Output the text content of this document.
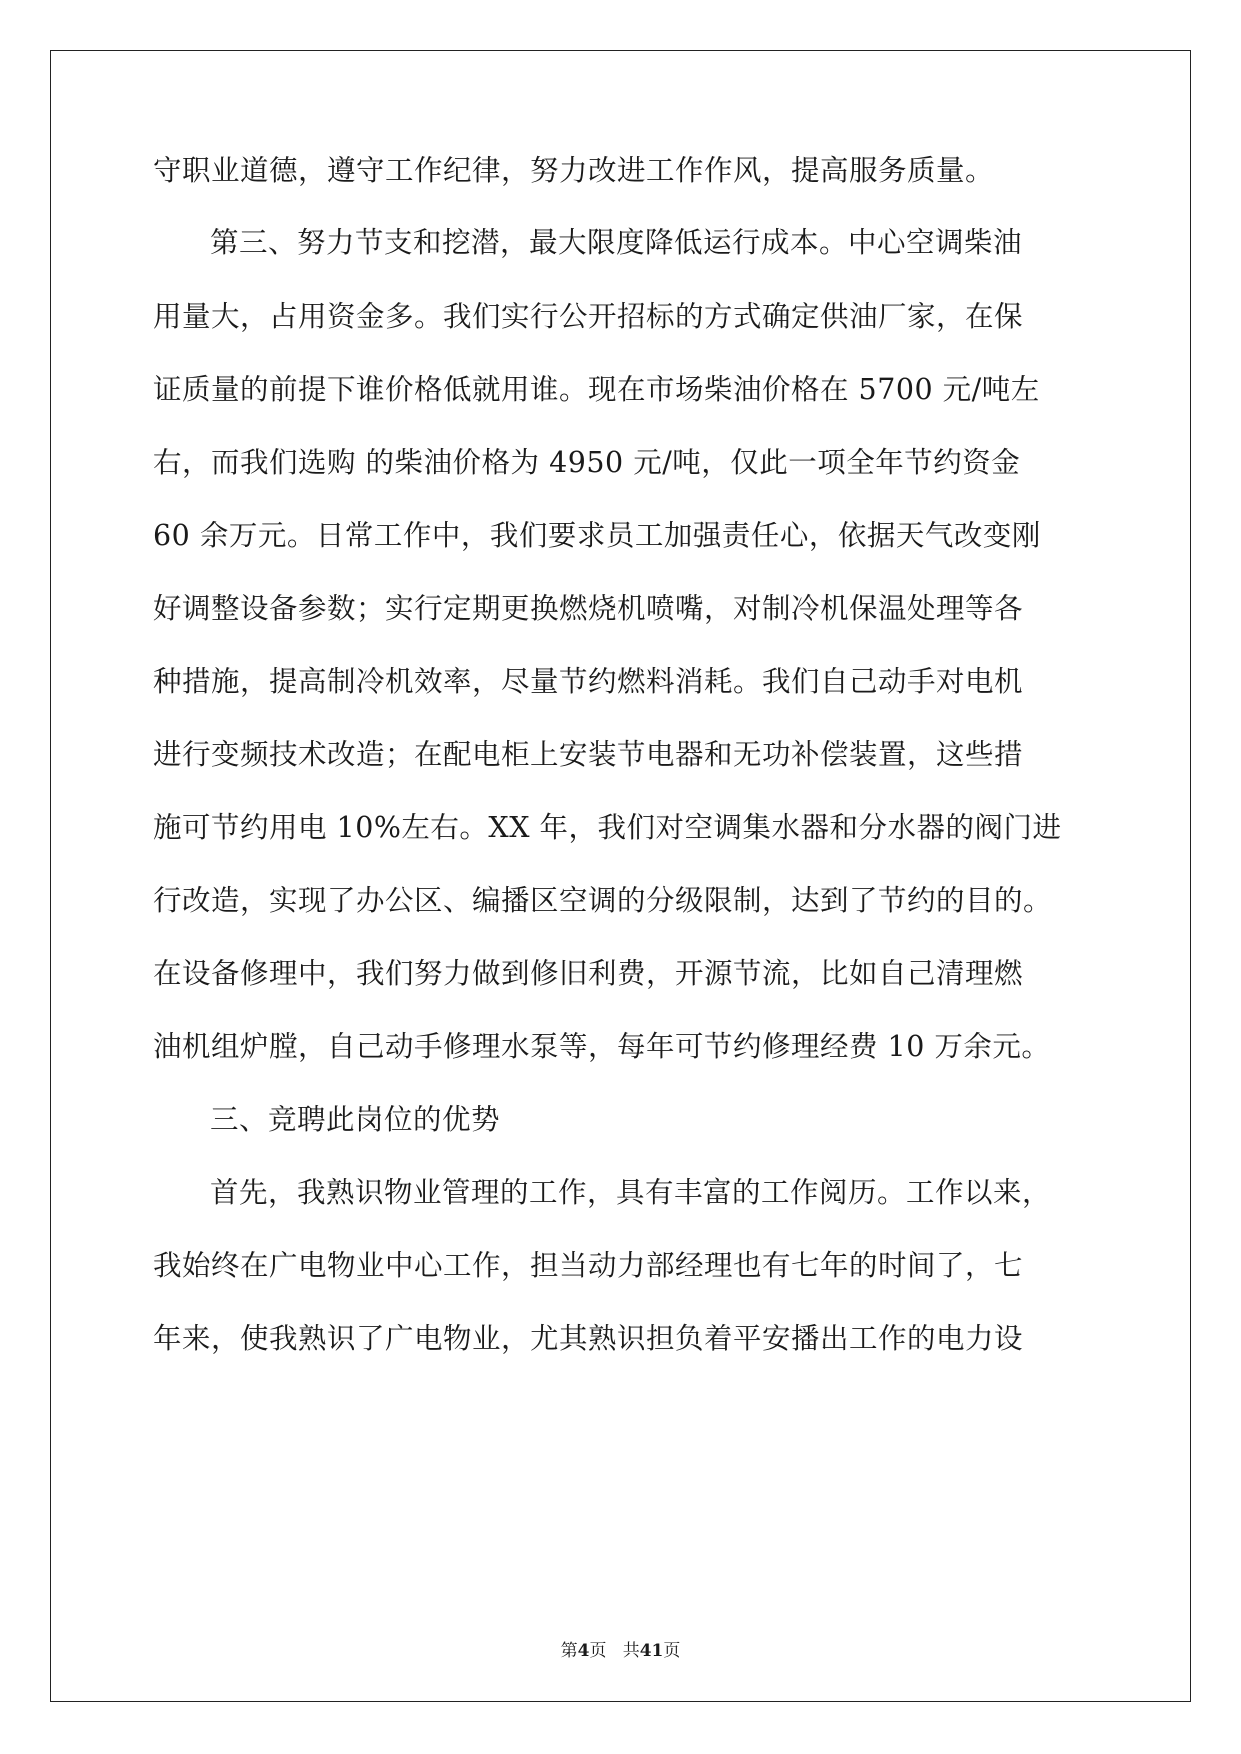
守职业道德，遵守工作纪律，努力改进工作作风，提高服务质量。
第三、努力节支和挖潜，最大限度降低运行成本。中心空调柴油
用量大，占用资金多。我们实行公开招标的方式确定供油厂家，在保
证质量的前提下谁价格低就用谁。现在市场柴油价格在 5700 元/吨左
右，而我们选购 的柴油价格为 4950 元/吨，仅此一项全年节约资金
60 余万元。日常工作中，我们要求员工加强责任心，依据天气改变刚
好调整设备参数；实行定期更换燃烧机喷嘴，对制冷机保温处理等各
种措施，提高制冷机效率，尽量节约燃料消耗。我们自己动手对电机
进行变频技术改造；在配电柜上安装节电器和无功补偿装置，这些措
施可节约用电 10%左右。XX 年，我们对空调集水器和分水器的阀门进
行改造，实现了办公区、编播区空调的分级限制，达到了节约的目的。
在设备修理中，我们努力做到修旧利费，开源节流，比如自己清理燃
油机组炉膛，自己动手修理水泵等，每年可节约修理经费 10 万余元。
三、竞聘此岗位的优势
首先，我熟识物业管理的工作，具有丰富的工作阅历。工作以来，
我始终在广电物业中心工作，担当动力部经理也有七年的时间了，七
年来，使我熟识了广电物业，尤其熟识担负着平安播出工作的电力设
第4页 共41页
